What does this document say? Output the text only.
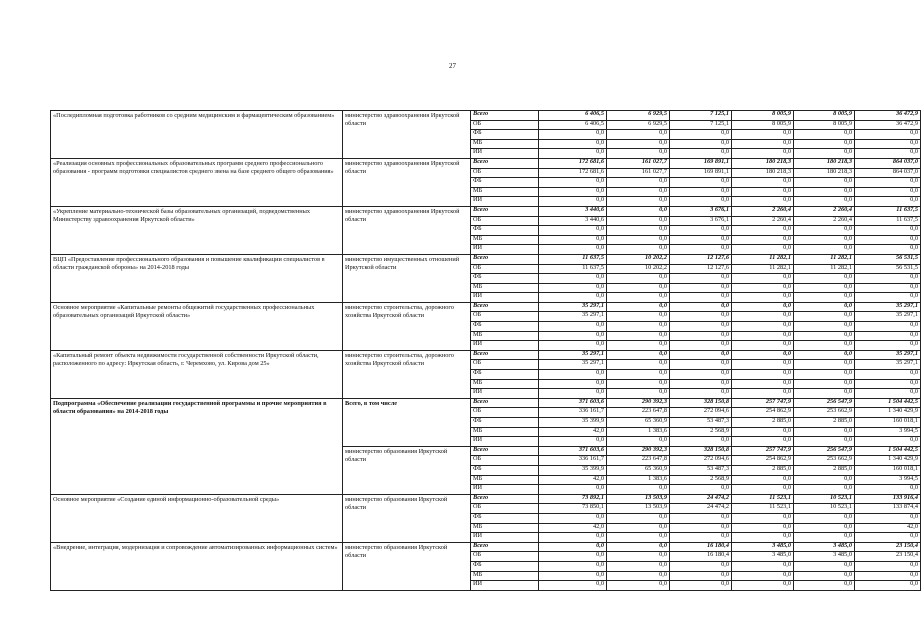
27
«Последипломная подготовка работников со средним медицинским и фармацевтическим образованием»	министерство здравоохранения Иркутской области	Всего	6 406,5	6 929,5	7 125,1	8 005,9	8 005,9	36 472,9
		ОБ	6 406,5	6 929,5	7 125,1	8 005,9	8 005,9	36 472,9
		ФБ	0,0	0,0	0,0	0,0	0,0	0,0
		МБ	0,0	0,0	0,0	0,0	0,0	0,0
		ИИ	0,0	0,0	0,0	0,0	0,0	0,0
«Реализация основных профессиональных образовательных программ среднего профессионального образования - программ подготовки специалистов среднего звена на базе среднего общего образования»	министерство здравоохранения Иркутской области	Всего	172 681,6	161 027,7	169 891,1	180 218,3	180 218,3	864 037,0
		ОБ	172 681,6	161 027,7	169 891,1	180 218,3	180 218,3	864 037,0
		ФБ	0,0	0,0	0,0	0,0	0,0	0,0
		МБ	0,0	0,0	0,0	0,0	0,0	0,0
		ИИ	0,0	0,0	0,0	0,0	0,0	0,0
«Укрепление материально-технической базы образовательных организаций, подведомственных Министерству здравоохранения Иркутской области»	министерство здравоохранения Иркутской области	Всего	3 440,6	0,0	3 676,1	2 260,4	2 260,4	11 637,5
		ОБ	3 440,6	0,0	3 676,1	2 260,4	2 260,4	11 637,5
		ФБ	0,0	0,0	0,0	0,0	0,0	0,0
		МБ	0,0	0,0	0,0	0,0	0,0	0,0
		ИИ	0,0	0,0	0,0	0,0	0,0	0,0
ВЦП «Предоставление профессионального образования и повышение квалификации специалистов в области гражданской обороны» на 2014-2018 годы	министерство имущественных отношений Иркутской области	Всего	11 637,5	10 202,2	12 127,6	11 282,1	11 282,1	56 531,5
		ОБ	11 637,5	10 202,2	12 127,6	11 282,1	11 282,1	56 531,5
		ФБ	0,0	0,0	0,0	0,0	0,0	0,0
		МБ	0,0	0,0	0,0	0,0	0,0	0,0
		ИИ	0,0	0,0	0,0	0,0	0,0	0,0
Основное мероприятие «Капитальные ремонты общежитий государственных профессиональных образовательных организаций Иркутской области»	министерство строительства, дорожного хозяйства Иркутской области	Всего	35 297,1	0,0	0,0	0,0	0,0	35 297,1
		ОБ	35 297,1	0,0	0,0	0,0	0,0	35 297,1
		ФБ	0,0	0,0	0,0	0,0	0,0	0,0
		МБ	0,0	0,0	0,0	0,0	0,0	0,0
		ИИ	0,0	0,0	0,0	0,0	0,0	0,0
«Капитальный ремонт объекта недвижимости государственной собственности Иркутской области, расположенного по адресу: Иркутская область, г. Черемхово, ул. Кирова дом 25»	министерство строительства, дорожного хозяйства Иркутской области	Всего	35 297,1	0,0	0,0	0,0	0,0	35 297,1
		ОБ	35 297,1	0,0	0,0	0,0	0,0	35 297,1
		ФБ	0,0	0,0	0,0	0,0	0,0	0,0
		МБ	0,0	0,0	0,0	0,0	0,0	0,0
		ИИ	0,0	0,0	0,0	0,0	0,0	0,0
Подпрограмма «Обеспечение реализации государственной программы и прочие мероприятия в области образования» на 2014-2018 годы	Всего, в том числе	Всего	371 603,6	290 392,3	328 150,8	257 747,9	256 547,9	1 504 442,5
		ОБ	336 161,7	223 647,8	272 094,6	254 862,9	253 662,9	1 340 429,9
		ФБ	35 399,9	65 360,9	53 487,3	2 885,0	2 885,0	160 018,1
		МБ	42,0	1 383,6	2 568,9	0,0	0,0	3 994,5
		ИИ	0,0	0,0	0,0	0,0	0,0	0,0
	министерство образования Иркутской области	Всего	371 603,6	290 392,3	328 150,8	257 747,9	256 547,9	1 504 442,5
		ОБ	336 161,7	223 647,8	272 094,6	254 862,9	253 662,9	1 340 429,9
		ФБ	35 399,9	65 360,9	53 487,3	2 885,0	2 885,0	160 018,1
		МБ	42,0	1 383,6	2 568,9	0,0	0,0	3 994,5
		ИИ	0,0	0,0	0,0	0,0	0,0	0,0
Основное мероприятие «Создание единой информационно-образовательной среды»	министерство образования Иркутской области	Всего	73 892,1	13 503,9	24 474,2	11 523,1	10 523,1	133 916,4
		ОБ	73 850,1	13 503,9	24 474,2	11 523,1	10 523,1	133 874,4
		ФБ	0,0	0,0	0,0	0,0	0,0	0,0
		МБ	42,0	0,0	0,0	0,0	0,0	42,0
		ИИ	0,0	0,0	0,0	0,0	0,0	0,0
«Внедрение, интеграция, модернизация и сопровождение автоматизированных информационных систем»	министерство образования Иркутской области	Всего	0,0	0,0	16 180,4	3 485,0	3 485,0	23 150,4
		ОБ	0,0	0,0	16 180,4	3 485,0	3 485,0	23 150,4
		ФБ	0,0	0,0	0,0	0,0	0,0	0,0
		МБ	0,0	0,0	0,0	0,0	0,0	0,0
		ИИ	0,0	0,0	0,0	0,0	0,0	0,0
